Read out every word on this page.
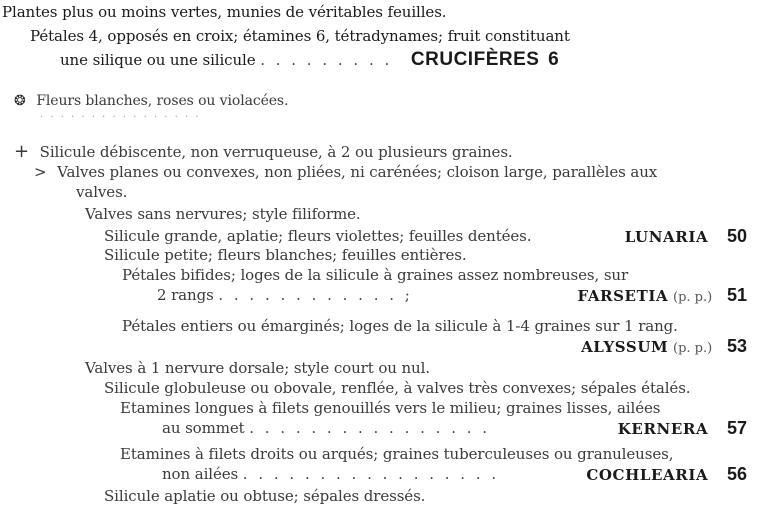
Plantes plus ou moins vertes, munies de véritables feuilles.
Pétales 4, opposés en croix; étamines 6, tétradynames; fruit constituant
une silique ou une silicule . . . . . . . . . CRUCIFÈRES 6
❂ Fleurs blanches, roses ou violacées.
· · · · · · · · · · · · · · · ·
+ Silicule débiscente, non verruqueuse, à 2 ou plusieurs graines.
> Valves planes ou convexes, non pliées, ni carénées; cloison large, parallèles aux
valves.
Valves sans nervures; style filiforme.
Silicule grande, aplatie; fleurs violettes; feuilles dentées.	LUNARIA 50
Silicule petite; fleurs blanches; feuilles entières.
Pétales bifides; loges de la silicule à graines assez nombreuses, sur
2 rangs . . . . . . . . . . . . ;	FARSETIA (p. p.) 51
Pétales entiers ou émarginés; loges de la silicule à 1-4 graines sur 1 rang.
ALYSSUM (p. p.) 53
Valves à 1 nervure dorsale; style court ou nul.
Silicule globuleuse ou obovale, renflée, à valves très convexes; sépales étalés.
Etamines longues à filets genouillés vers le milieu; graines lisses, ailées
au sommet . . . . . . . . . . . . . . . .	KERNERA 57
Etamines à filets droits ou arqués; graines tuberculeuses ou granuleuses,
non ailées . . . . . . . . . . . . . . . . .	COCHLEARIA 56
Silicule aplatie ou obtuse; sépales dressés.
